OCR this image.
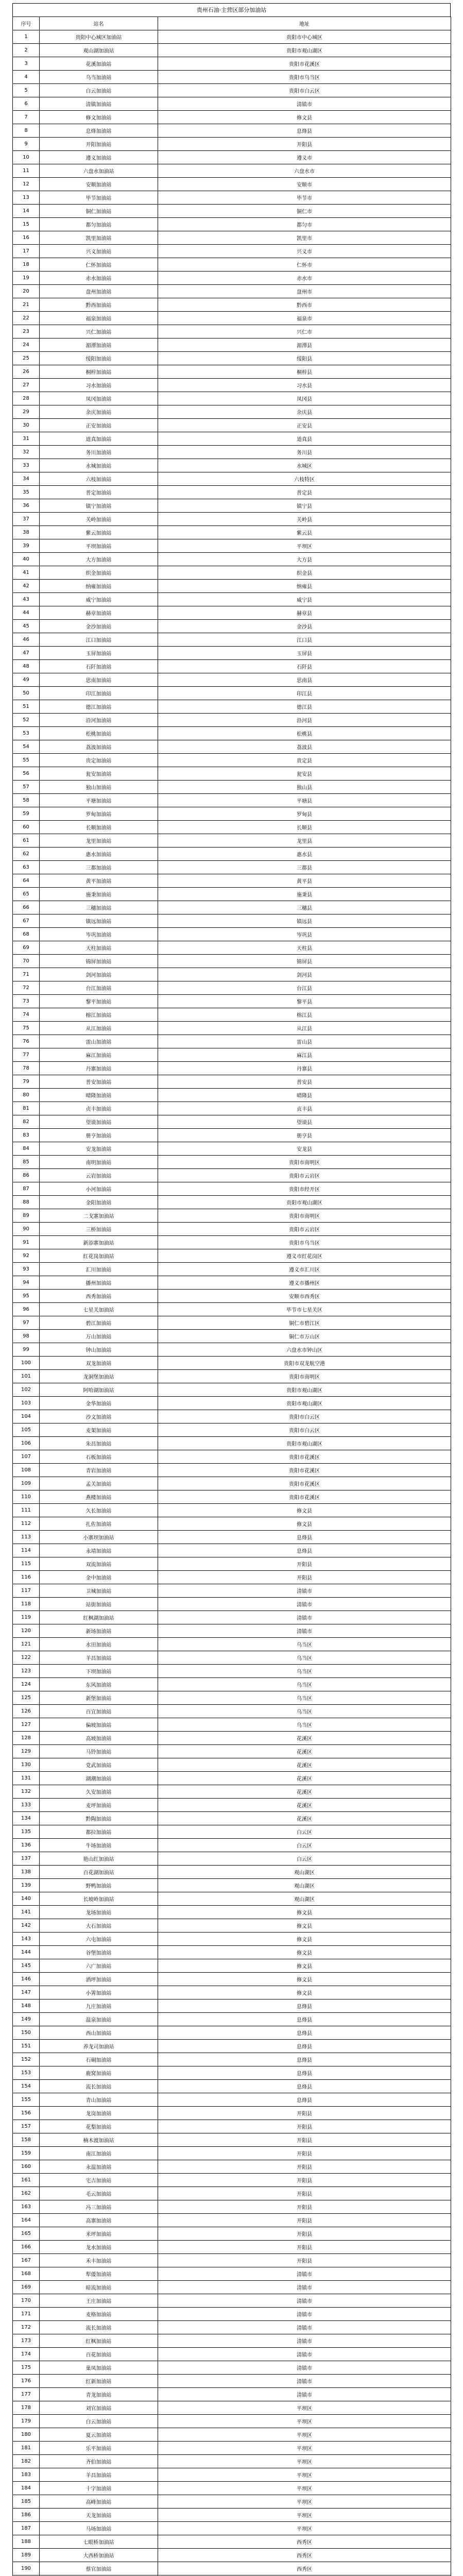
贵州石油·主营区部分加油站
序号	站名	地址
1	贵阳中心城区加油站	贵阳市中心城区
2	观山湖加油站	贵阳市观山湖区
3	花溪加油站	贵阳市花溪区
4	乌当加油站	贵阳市乌当区
5	白云加油站	贵阳市白云区
6	清镇加油站	清镇市
7	修文加油站	修文县
8	息烽加油站	息烽县
9	开阳加油站	开阳县
10	遵义加油站	遵义市
11	六盘水加油站	六盘水市
12	安顺加油站	安顺市
13	毕节加油站	毕节市
14	铜仁加油站	铜仁市
15	都匀加油站	都匀市
16	凯里加油站	凯里市
17	兴义加油站	兴义市
18	仁怀加油站	仁怀市
19	赤水加油站	赤水市
20	盘州加油站	盘州市
21	黔西加油站	黔西市
22	福泉加油站	福泉市
23	兴仁加油站	兴仁市
24	湄潭加油站	湄潭县
25	绥阳加油站	绥阳县
26	桐梓加油站	桐梓县
27	习水加油站	习水县
28	凤冈加油站	凤冈县
29	余庆加油站	余庆县
30	正安加油站	正安县
31	道真加油站	道真县
32	务川加油站	务川县
33	水城加油站	水城区
34	六枝加油站	六枝特区
35	普定加油站	普定县
36	镇宁加油站	镇宁县
37	关岭加油站	关岭县
38	紫云加油站	紫云县
39	平坝加油站	平坝区
40	大方加油站	大方县
41	织金加油站	织金县
42	纳雍加油站	纳雍县
43	威宁加油站	威宁县
44	赫章加油站	赫章县
45	金沙加油站	金沙县
46	江口加油站	江口县
47	玉屏加油站	玉屏县
48	石阡加油站	石阡县
49	思南加油站	思南县
50	印江加油站	印江县
51	德江加油站	德江县
52	沿河加油站	沿河县
53	松桃加油站	松桃县
54	荔波加油站	荔波县
55	贵定加油站	贵定县
56	瓮安加油站	瓮安县
57	独山加油站	独山县
58	平塘加油站	平塘县
59	罗甸加油站	罗甸县
60	长顺加油站	长顺县
61	龙里加油站	龙里县
62	惠水加油站	惠水县
63	三都加油站	三都县
64	黄平加油站	黄平县
65	施秉加油站	施秉县
66	三穗加油站	三穗县
67	镇远加油站	镇远县
68	岑巩加油站	岑巩县
69	天柱加油站	天柱县
70	锦屏加油站	锦屏县
71	剑河加油站	剑河县
72	台江加油站	台江县
73	黎平加油站	黎平县
74	榕江加油站	榕江县
75	从江加油站	从江县
76	雷山加油站	雷山县
77	麻江加油站	麻江县
78	丹寨加油站	丹寨县
79	普安加油站	普安县
80	晴隆加油站	晴隆县
81	贞丰加油站	贞丰县
82	望谟加油站	望谟县
83	册亨加油站	册亨县
84	安龙加油站	安龙县
85	南明加油站	贵阳市南明区
86	云岩加油站	贵阳市云岩区
87	小河加油站	贵阳市经开区
88	金阳加油站	贵阳市观山湖区
89	二戈寨加油站	贵阳市南明区
90	三桥加油站	贵阳市云岩区
91	新添寨加油站	贵阳市乌当区
92	红花岗加油站	遵义市红花岗区
93	汇川加油站	遵义市汇川区
94	播州加油站	遵义市播州区
95	西秀加油站	安顺市西秀区
96	七星关加油站	毕节市七星关区
97	碧江加油站	铜仁市碧江区
98	万山加油站	铜仁市万山区
99	钟山加油站	六盘水市钟山区
100	双龙加油站	贵阳市双龙航空港
101	龙洞堡加油站	贵阳市南明区
102	阿哈湖加油站	贵阳市观山湖区
103	金华加油站	贵阳市观山湖区
104	沙文加油站	贵阳市白云区
105	麦架加油站	贵阳市白云区
106	朱昌加油站	贵阳市观山湖区
107	石板加油站	贵阳市花溪区
108	青岩加油站	贵阳市花溪区
109	孟关加油站	贵阳市花溪区
110	燕楼加油站	贵阳市花溪区
111	久长加油站	修文县
112	扎佐加油站	修文县
113	小寨坝加油站	息烽县
114	永靖加油站	息烽县
115	双流加油站	开阳县
116	金中加油站	开阳县
117	卫城加油站	清镇市
118	站街加油站	清镇市
119	红枫湖加油站	清镇市
120	新场加油站	清镇市
121	水田加油站	乌当区
122	羊昌加油站	乌当区
123	下坝加油站	乌当区
124	东风加油站	乌当区
125	新堡加油站	乌当区
126	百宜加油站	乌当区
127	偏坡加油站	乌当区
128	高坡加油站	花溪区
129	马铃加油站	花溪区
130	党武加油站	花溪区
131	湖潮加油站	花溪区
132	久安加油站	花溪区
133	麦坪加油站	花溪区
134	黔陶加油站	花溪区
135	都拉加油站	白云区
136	牛场加油站	白云区
137	艳山红加油站	白云区
138	百花湖加油站	观山湖区
139	野鸭加油站	观山湖区
140	长坡岭加油站	观山湖区
141	龙场加油站	修文县
142	大石加油站	修文县
143	六屯加油站	修文县
144	谷堡加油站	修文县
145	六广加油站	修文县
146	洒坪加油站	修文县
147	小箐加油站	修文县
148	九庄加油站	息烽县
149	温泉加油站	息烽县
150	西山加油站	息烽县
151	养龙司加油站	息烽县
152	石硐加油站	息烽县
153	鹿窝加油站	息烽县
154	流长加油站	息烽县
155	青山加油站	息烽县
156	龙岗加油站	开阳县
157	花梨加油站	开阳县
158	楠木渡加油站	开阳县
159	南江加油站	开阳县
160	永温加油站	开阳县
161	宅吉加油站	开阳县
162	毛云加油站	开阳县
163	冯三加油站	开阳县
164	高寨加油站	开阳县
165	米坪加油站	开阳县
166	龙水加油站	开阳县
167	禾丰加油站	开阳县
168	犁倭加油站	清镇市
169	暗流加油站	清镇市
170	王庄加油站	清镇市
171	麦格加油站	清镇市
172	流长加油站	清镇市
173	红枫加油站	清镇市
174	百花加油站	清镇市
175	巢凤加油站	清镇市
176	红新加油站	清镇市
177	青龙加油站	清镇市
178	刘官加油站	平坝区
179	白云加油站	平坝区
180	夏云加油站	平坝区
181	乐平加油站	平坝区
182	齐伯加油站	平坝区
183	羊昌加油站	平坝区
184	十字加油站	平坝区
185	高峰加油站	平坝区
186	天龙加油站	平坝区
187	马场加油站	平坝区
188	七眼桥加油站	西秀区
189	大西桥加油站	西秀区
190	蔡官加油站	西秀区
